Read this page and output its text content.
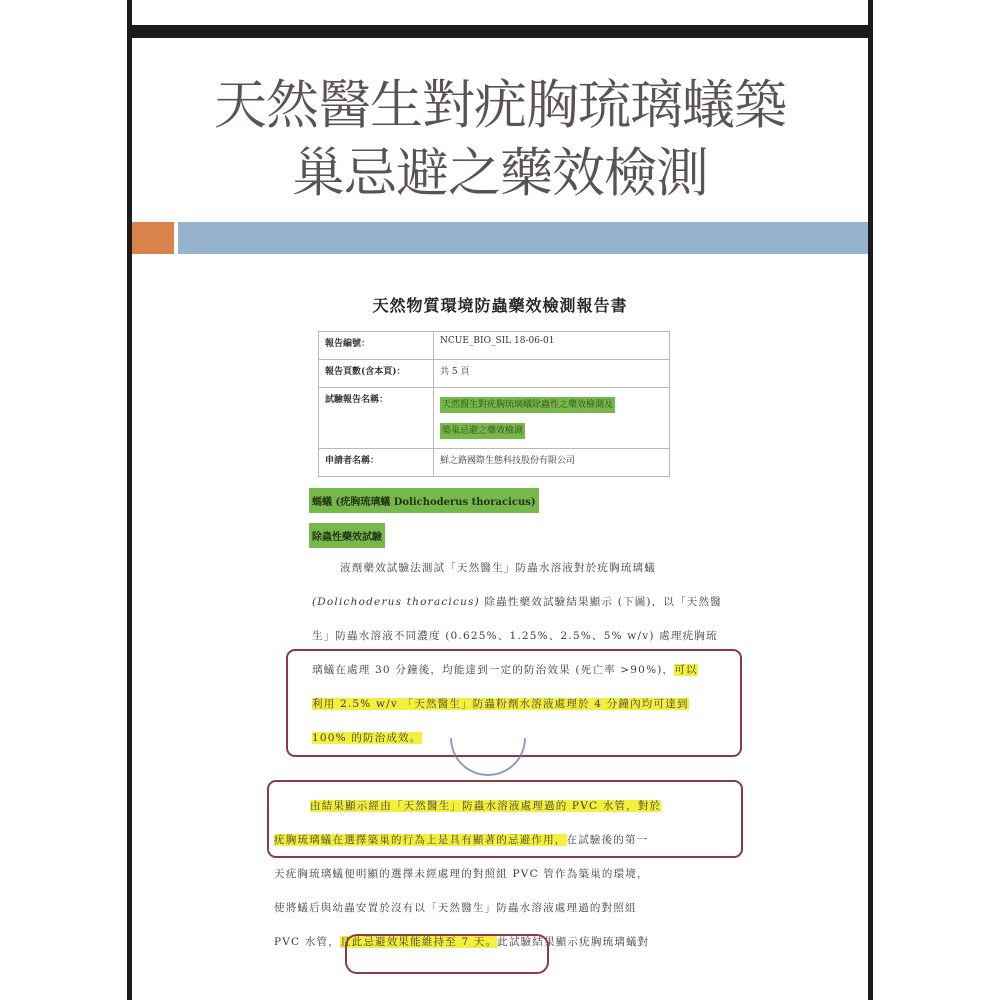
天然醫生對疣胸琉璃蟻築
巢忌避之藥效檢測
天然物質環境防蟲藥效檢測報告書
報告編號：	NCUE_BIO_SIL 18-06-01
報告頁數(含本頁)：	共 5 頁
試驗報告名稱：	天然醫生對疣胸琉璃蟻除蟲性之藥效檢測及
築巢忌避之藥效檢測
申請者名稱：	鮮之路國際生態科技股份有限公司
螞蟻 (疣胸琉璃蟻 Dolichoderus thoracicus)
除蟲性藥效試驗
液劑藥效試驗法測試「天然醫生」防蟲水溶液對於疣胸琉璃蟻
(Dolichoderus thoracicus) 除蟲性藥效試驗結果顯示 (下圖)，以「天然醫
生」防蟲水溶液不同濃度 (0.625%、1.25%、2.5%、5% w/v) 處理疣胸琉
璃蟻在處理 30 分鐘後，均能達到一定的防治效果 (死亡率 >90%)，可以
利用 2.5% w/v 「天然醫生」防蟲粉劑水溶液處理於 4 分鐘內均可達到
100% 的防治成效。
由結果顯示經由「天然醫生」防蟲水溶液處理過的 PVC 水管，對於
疣胸琉璃蟻在選擇築巢的行為上是具有顯著的忌避作用，在試驗後的第一
天疣胸琉璃蟻便明顯的選擇未經處理的對照組 PVC 管作為築巢的環境，
使將蟻后與幼蟲安置於沒有以「天然醫生」防蟲水溶液處理過的對照組
PVC 水管，且此忌避效果能維持至 7 天。此試驗結果顯示疣胸琉璃蟻對
